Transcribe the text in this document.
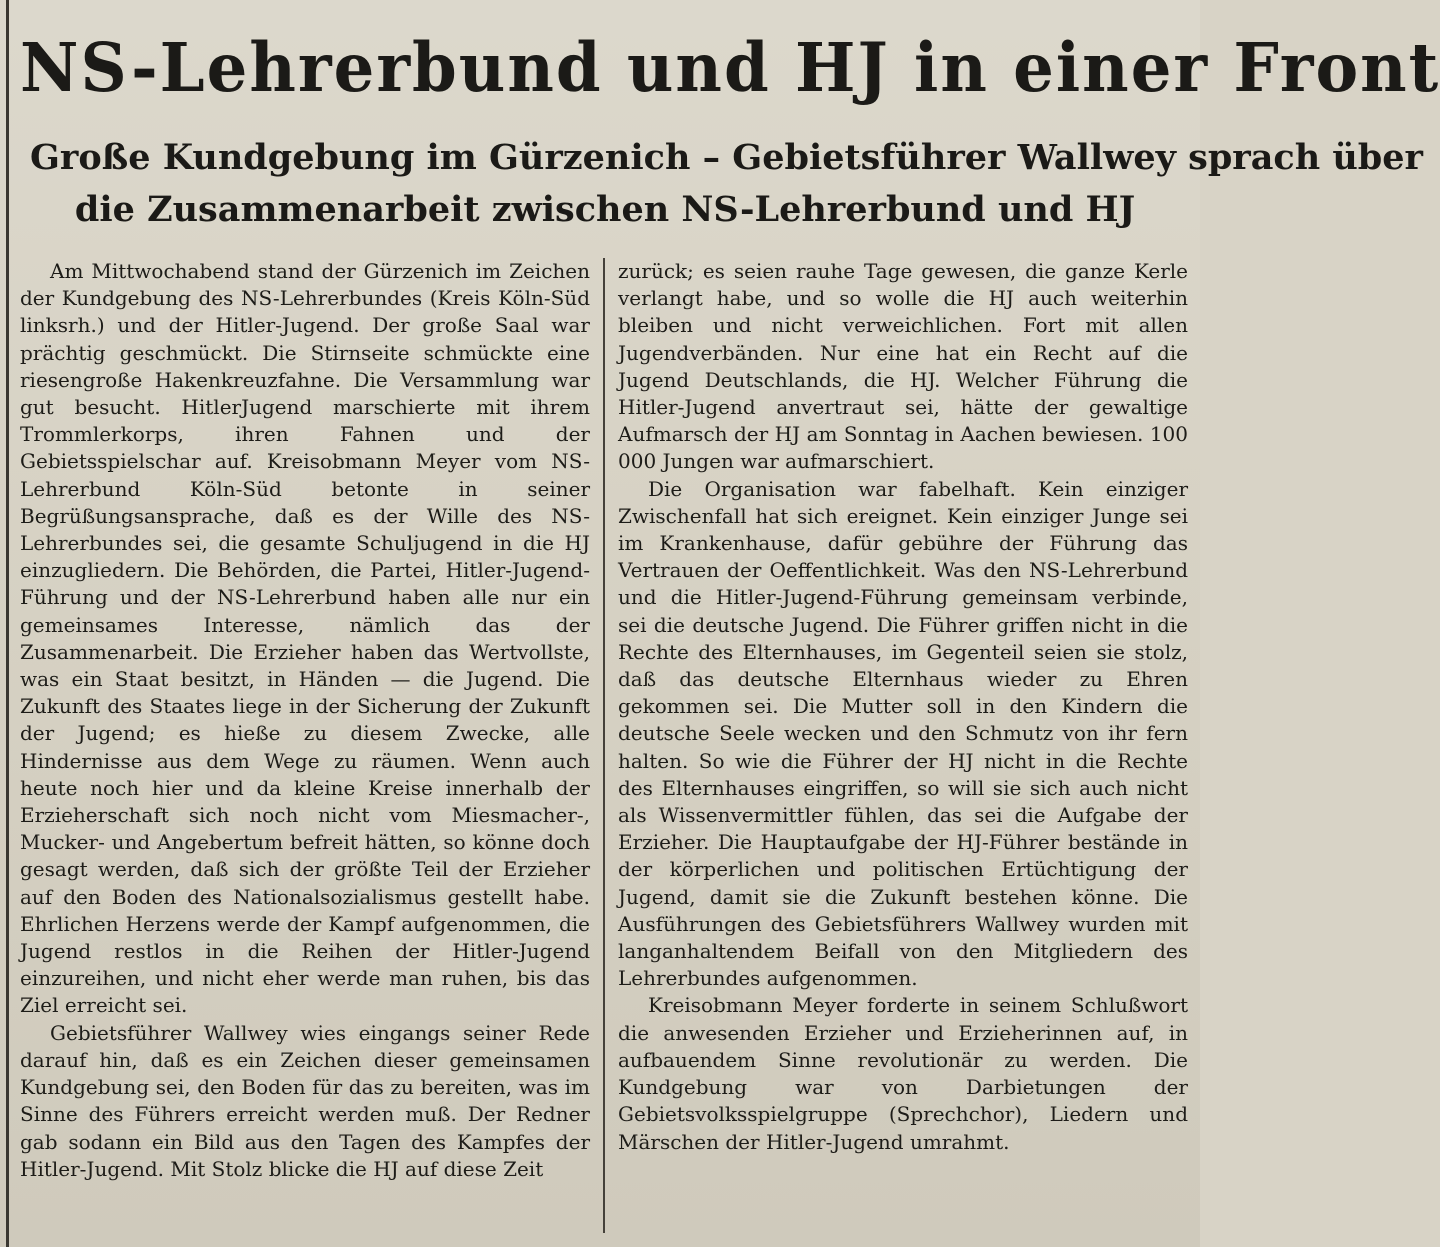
NS-Lehrerbund und HJ in einer Front
Große Kundgebung im Gürzenich – Gebietsführer Wallwey sprach über
die Zusammenarbeit zwischen NS-Lehrerbund und HJ

Am Mittwochabend stand der Gürzenich im Zeichen der Kundgebung des NS-Lehrerbundes (Kreis Köln-Süd linksrh.) und der Hitler-Jugend. Der große Saal war prächtig geschmückt. Die Stirnseite schmückte eine riesengroße Hakenkreuzfahne. Die Versammlung war gut besucht. HitlerJugend marschierte mit ihrem Trommlerkorps, ihren Fahnen und der Gebietsspielschar auf. Kreisobmann Meyer vom NS-Lehrerbund Köln-Süd betonte in seiner Begrüßungsansprache, daß es der Wille des NS-Lehrerbundes sei, die gesamte Schuljugend in die HJ einzugliedern. Die Behörden, die Partei, Hitler-Jugend-Führung und der NS-Lehrerbund haben alle nur ein gemeinsames Interesse, nämlich das der Zusammenarbeit. Die Erzieher haben das Wertvollste, was ein Staat besitzt, in Händen — die Jugend. Die Zukunft des Staates liege in der Sicherung der Zukunft der Jugend; es hieße zu diesem Zwecke, alle Hindernisse aus dem Wege zu räumen. Wenn auch heute noch hier und da kleine Kreise innerhalb der Erzieherschaft sich noch nicht vom Miesmacher-, Mucker- und Angebertum befreit hätten, so könne doch gesagt werden, daß sich der größte Teil der Erzieher auf den Boden des Nationalsozialismus gestellt habe. Ehrlichen Herzens werde der Kampf aufgenommen, die Jugend restlos in die Reihen der Hitler-Jugend einzureihen, und nicht eher werde man ruhen, bis das Ziel erreicht sei.

Gebietsführer Wallwey wies eingangs seiner Rede darauf hin, daß es ein Zeichen dieser gemeinsamen Kundgebung sei, den Boden für das zu bereiten, was im Sinne des Führers erreicht werden muß. Der Redner gab sodann ein Bild aus den Tagen des Kampfes der Hitler-Jugend. Mit Stolz blicke die HJ auf diese Zeit

zurück; es seien rauhe Tage gewesen, die ganze Kerle verlangt habe, und so wolle die HJ auch weiterhin bleiben und nicht verweichlichen. Fort mit allen Jugendverbänden. Nur eine hat ein Recht auf die Jugend Deutschlands, die HJ. Welcher Führung die Hitler-Jugend anvertraut sei, hätte der gewaltige Aufmarsch der HJ am Sonntag in Aachen bewiesen. 100 000 Jungen war aufmarschiert.

Die Organisation war fabelhaft. Kein einziger Zwischenfall hat sich ereignet. Kein einziger Junge sei im Krankenhause, dafür gebühre der Führung das Vertrauen der Oeffentlichkeit. Was den NS-Lehrerbund und die Hitler-Jugend-Führung gemeinsam verbinde, sei die deutsche Jugend. Die Führer griffen nicht in die Rechte des Elternhauses, im Gegenteil seien sie stolz, daß das deutsche Elternhaus wieder zu Ehren gekommen sei. Die Mutter soll in den Kindern die deutsche Seele wecken und den Schmutz von ihr fern halten. So wie die Führer der HJ nicht in die Rechte des Elternhauses eingriffen, so will sie sich auch nicht als Wissenvermittler fühlen, das sei die Aufgabe der Erzieher. Die Hauptaufgabe der HJ-Führer bestände in der körperlichen und politischen Ertüchtigung der Jugend, damit sie die Zukunft bestehen könne. Die Ausführungen des Gebietsführers Wallwey wurden mit langanhaltendem Beifall von den Mitgliedern des Lehrerbundes aufgenommen.

Kreisobmann Meyer forderte in seinem Schlußwort die anwesenden Erzieher und Erzieherinnen auf, in aufbauendem Sinne revolutionär zu werden. Die Kundgebung war von Darbietungen der Gebietsvolksspielgruppe (Sprechchor), Liedern und Märschen der Hitler-Jugend umrahmt.
